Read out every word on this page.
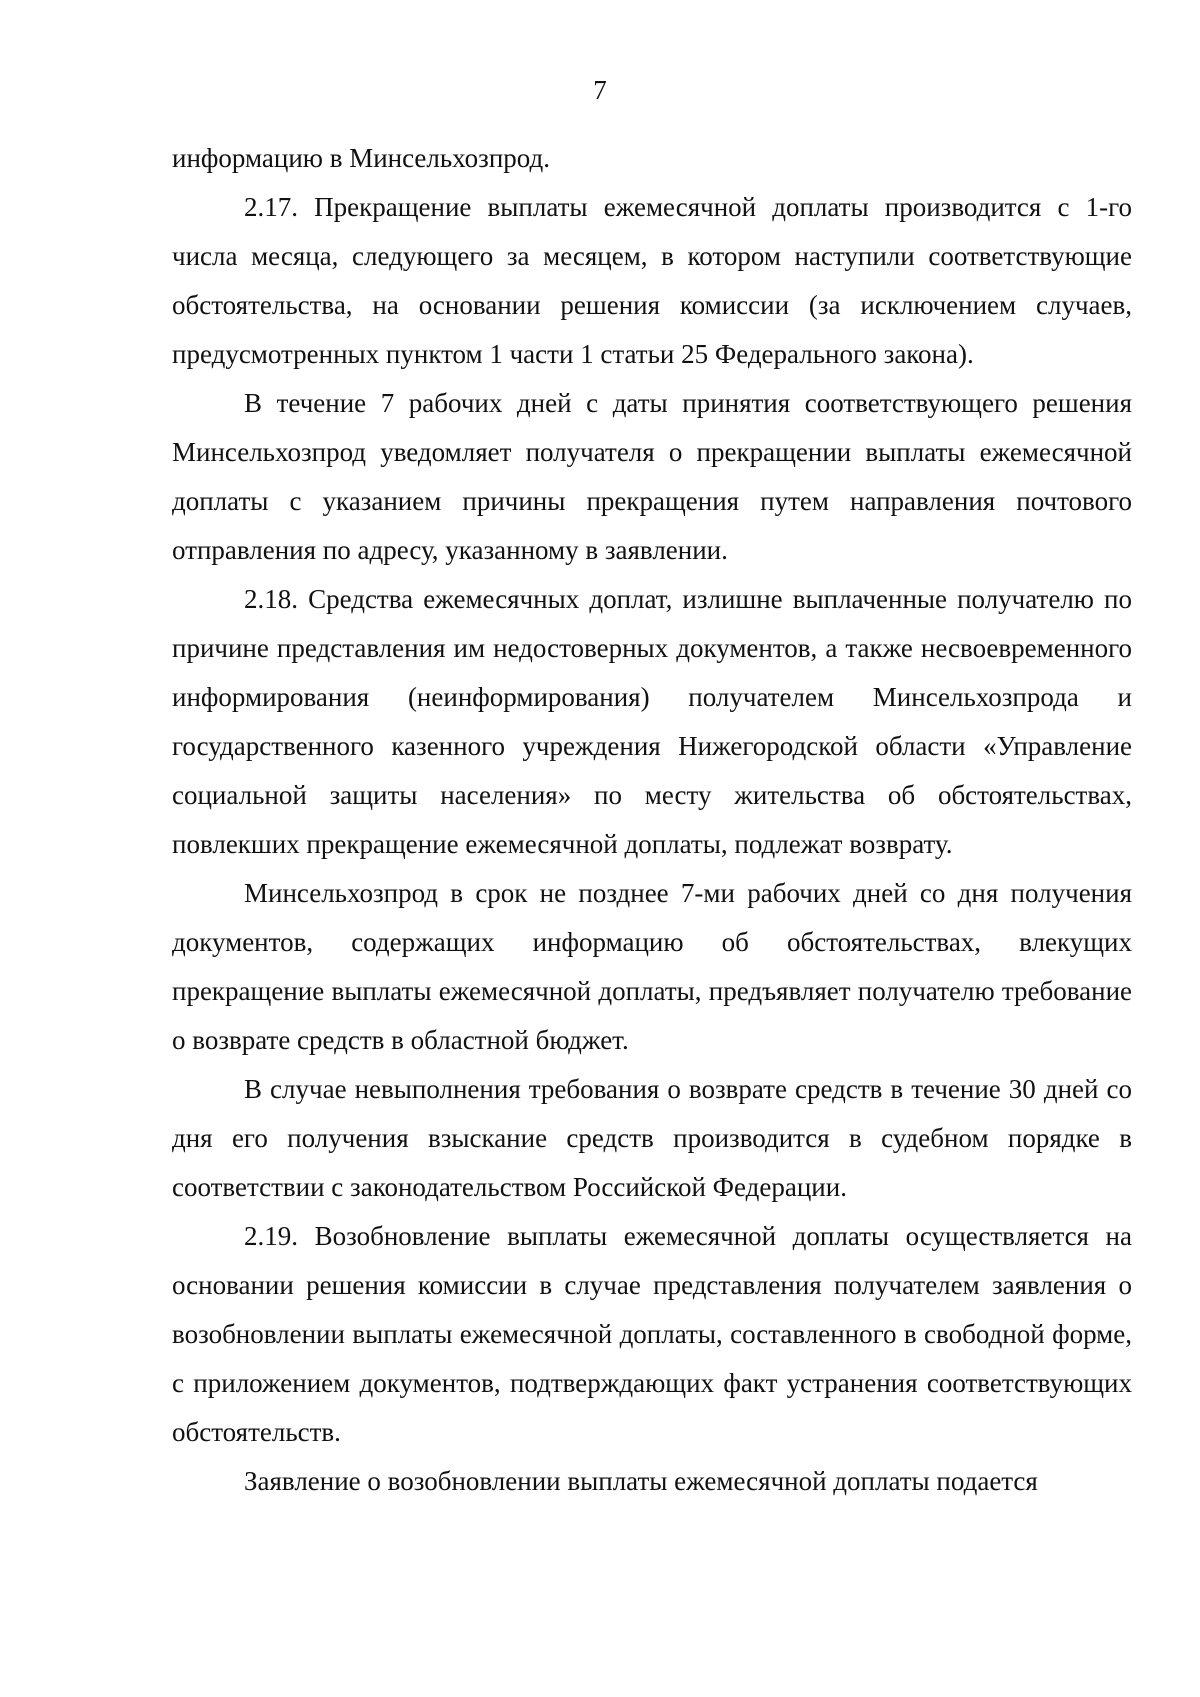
7

информацию в Минсельхозпрод.

2.17. Прекращение выплаты ежемесячной доплаты производится с 1-го числа месяца, следующего за месяцем, в котором наступили соответствующие обстоятельства, на основании решения комиссии (за исключением случаев, предусмотренных пунктом 1 части 1 статьи 25 Федерального закона).

В течение 7 рабочих дней с даты принятия соответствующего решения Минсельхозпрод уведомляет получателя о прекращении выплаты ежемесячной доплаты с указанием причины прекращения путем направления почтового отправления по адресу, указанному в заявлении.

2.18. Средства ежемесячных доплат, излишне выплаченные получателю по причине представления им недостоверных документов, а также несвоевременного информирования (неинформирования) получателем Минсельхозпрода и государственного казенного учреждения Нижегородской области «Управление социальной защиты населения» по месту жительства об обстоятельствах, повлекших прекращение ежемесячной доплаты, подлежат возврату.

Минсельхозпрод в срок не позднее 7-ми рабочих дней со дня получения документов, содержащих информацию об обстоятельствах, влекущих прекращение выплаты ежемесячной доплаты, предъявляет получателю требование о возврате средств в областной бюджет.

В случае невыполнения требования о возврате средств в течение 30 дней со дня его получения взыскание средств производится в судебном порядке в соответствии с законодательством Российской Федерации.

2.19. Возобновление выплаты ежемесячной доплаты осуществляется на основании решения комиссии в случае представления получателем заявления о возобновлении выплаты ежемесячной доплаты, составленного в свободной форме, с приложением документов, подтверждающих факт устранения соответствующих обстоятельств.

Заявление о возобновлении выплаты ежемесячной доплаты подается
